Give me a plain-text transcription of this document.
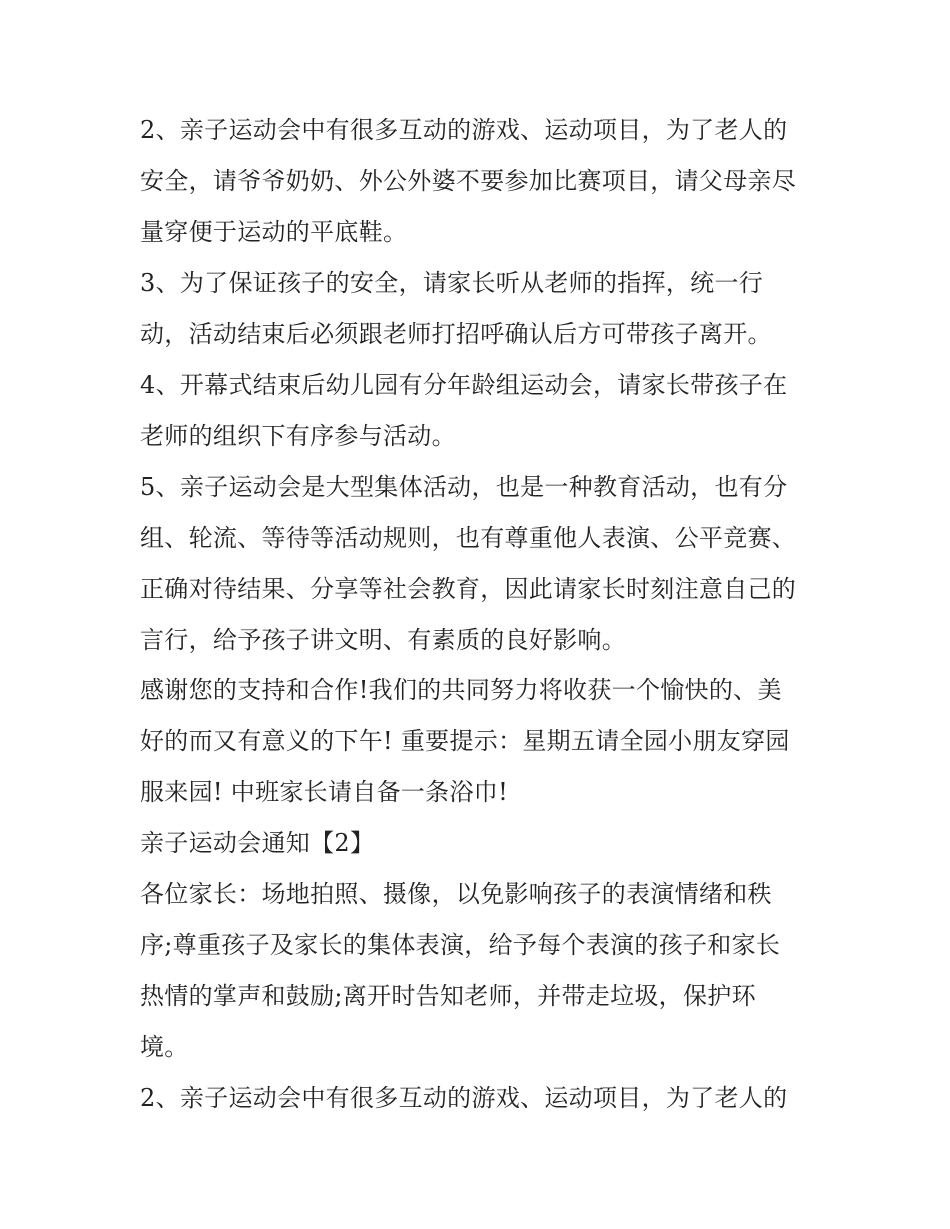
2、亲子运动会中有很多互动的游戏、运动项目，为了老人的
安全，请爷爷奶奶、外公外婆不要参加比赛项目，请父母亲尽
量穿便于运动的平底鞋。
3、为了保证孩子的安全，请家长听从老师的指挥，统一行
动，活动结束后必须跟老师打招呼确认后方可带孩子离开。
4、开幕式结束后幼儿园有分年龄组运动会，请家长带孩子在
老师的组织下有序参与活动。
5、亲子运动会是大型集体活动，也是一种教育活动，也有分
组、轮流、等待等活动规则，也有尊重他人表演、公平竞赛、
正确对待结果、分享等社会教育，因此请家长时刻注意自己的
言行，给予孩子讲文明、有素质的良好影响。
感谢您的支持和合作!我们的共同努力将收获一个愉快的、美
好的而又有意义的下午! 重要提示：星期五请全园小朋友穿园
服来园! 中班家长请自备一条浴巾!
亲子运动会通知【2】
各位家长：场地拍照、摄像，以免影响孩子的表演情绪和秩
序;尊重孩子及家长的集体表演，给予每个表演的孩子和家长
热情的掌声和鼓励;离开时告知老师，并带走垃圾，保护环
境。
2、亲子运动会中有很多互动的游戏、运动项目，为了老人的
